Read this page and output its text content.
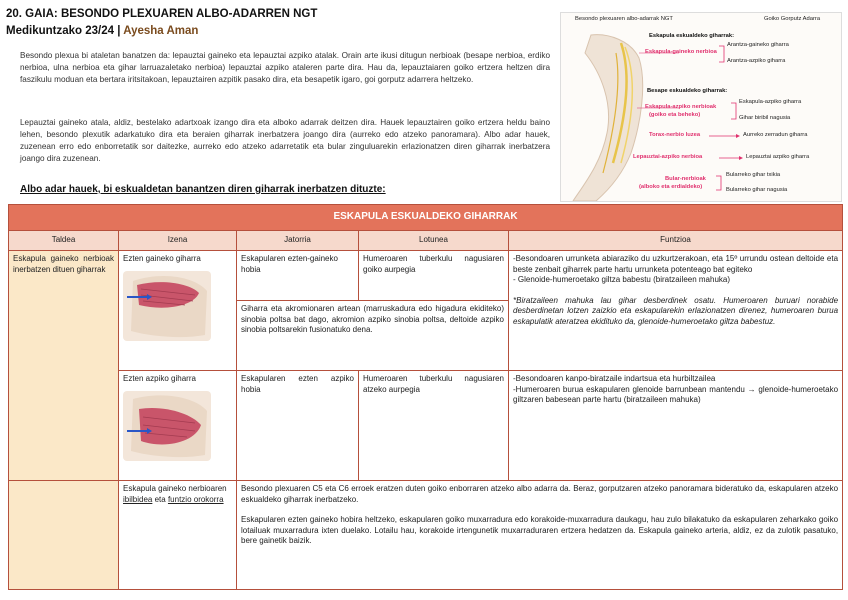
20. GAIA: BESONDO PLEXUAREN ALBO-ADARREN NGT
Medikuntzako 23/24 | Ayesha Aman

Besondo plexua bi ataletan banatzen da: lepauztai gaineko eta lepauztai azpiko atalak. Orain arte ikusi ditugun nerbioak (besape nerbioa, erdiko nerbioa, ulna nerbioa eta gihar larruazaletako nerbioa) lepauztai azpiko ataleren parte dira. Hau da, lepauztaiaren goiko ertzera heltzen dira faszikulu moduan eta bertara iritsitakoan, lepauztairen azpitik pasako dira, eta besapetik igaro, goi gorputz adarrera heltzeko.

Lepauztai gaineko atala, aldiz, bestelako adartxoak izango dira eta alboko adarrak deitzen dira. Hauek lepauztairen goiko ertzera heldu baino lehen, besondo plexutik adarkatuko dira eta beraien giharrak inerbatzera joango dira (aurreko edo atzeko panoramara). Albo adar hauek, zuzenean erro edo enborretatik sor daitezke, aurreko edo atzeko adarretatik eta bular zinguluarekin erlazionatzen diren giharrak inerbatzera joango dira zuzenean.

Albo adar hauek, bi eskualdetan banantzen diren giharrak inerbatzen dituzte:
Besondo plexuaren albo-adarrak NGT	Goiko Gorputz Adarra
Eskapula eskualdeko giharrak:
Eskapula-gaineko nerbioa
Arantza-gaineko giharra
Arantza-azpiko giharra
Besape eskualdeko giharrak:
Eskapula-azpiko nerbioak
(goiko eta beheko)
Eskapula-azpiko giharra
Gihar biribil nagusia
Torax-nerbio luzea	Aurreko zerradun giharra
Lepauztai-azpiko nerbioa	Lepauztai azpiko giharra
Bular-nerbioak
(alboko eta erdialdeko)
Bularreko gihar txikia
Bularreko gihar nagusia
ESKAPULA ESKUALDEKO GIHARRAK				
Taldea	Izena	Jatorria	Lotunea	Funtzioa
Eskapula gaineko nerbioak inerbatzen dituen giharrak	Ezten gaineko giharra	Eskapularen ezten-gaineko hobia	Humeroaren tuberkulu nagusiaren goiko aurpegia	-Besondoaren urrunketa abiaraziko du uzkurtzerakoan, eta 15º urrundu ostean deltoide eta beste zenbait giharrek parte hartu urrunketa potenteago bat egiteko
- Glenoide-humeroetako giltza babestu (biratzaileen mahuka)
*Biratzaileen mahuka lau gihar desberdinek osatu. Humeroaren buruari norabide desberdinetan lotzen zaizkio eta eskapularekin erlazionatzen direnez, humeroaren burua eskapulatik ateratzea ekidituko da, glenoide-humeroetako giltza babestuz.

		Giharra eta akromionaren artean (marruskadura edo higadura ekiditeko) sinobia poltsa bat dago, akromion azpiko sinobia poltsa, deltoide azpiko sinobia poltsarekin fusionatuko dena.		

	Ezten azpiko giharra	Eskapularen ezten azpiko hobia	Humeroaren tuberkulu nagusiaren atzeko aurpegia	-Besondoaren kanpo-biratzaile indartsua eta hurbiltzailea
-Humeroaren burua eskapularen glenoide barrunbean mantendu → glenoide-humeroetako giltzaren babesean parte hartu (biratzaileen mahuka)
	Eskapula gaineko nerbioaren ibilbidea eta funtzio orokorra	Besondo plexuaren C5 eta C6 erroek eratzen duten goiko enborraren atzeko albo adarra da. Beraz, gorputzaren atzeko panoramara bideratuko da, eskapularen atzeko eskualdeko giharrak inerbatzeko.
Eskapularen ezten gaineko hobira heltzeko, eskapularen goiko muxarradura edo korakoide-muxarradura daukagu, hau zulo bilakatuko da eskapularen zeharkako goiko lotailuak muxarradura ixten duelako. Lotailu hau, korakoide irtengunetik muxarraduraren ertzera hedatzen da. Eskapula gaineko arteria, aldiz, ez da zulotik pasatuko, bere gainetik baizik.		
